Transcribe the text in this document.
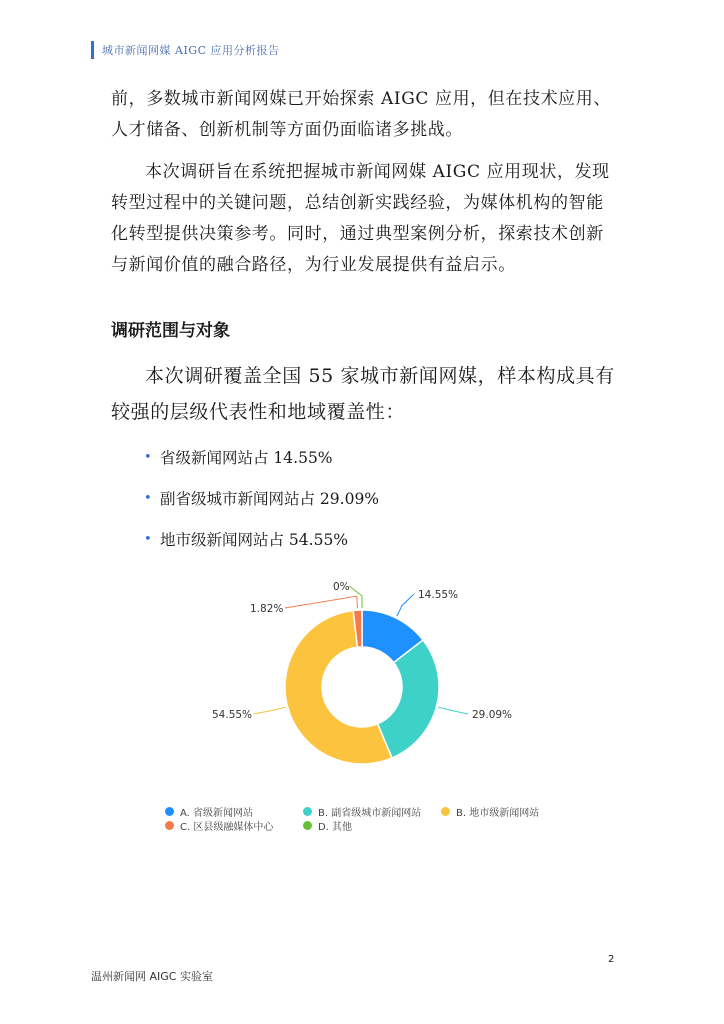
城市新闻网媒 AIGC 应用分析报告

前，多数城市新闻网媒已开始探索 AIGC 应用，但在技术应用、人才储备、创新机制等方面仍面临诸多挑战。

本次调研旨在系统把握城市新闻网媒 AIGC 应用现状，发现转型过程中的关键问题，总结创新实践经验，为媒体机构的智能化转型提供决策参考。同时，通过典型案例分析，探索技术创新与新闻价值的融合路径，为行业发展提供有益启示。

调研范围与对象

本次调研覆盖全国 55 家城市新闻网媒，样本构成具有较强的层级代表性和地域覆盖性：

• 省级新闻网站占 14.55%
• 副省级城市新闻网站占 29.09%
• 地市级新闻网站占 54.55%
14.55%
29.09%
54.55%
1.82%
0%
A. 省级新闻网站	B. 副省级城市新闻网站	B. 地市级新闻网站
C. 区县级融媒体中心	D. 其他
2
温州新闻网 AIGC 实验室
